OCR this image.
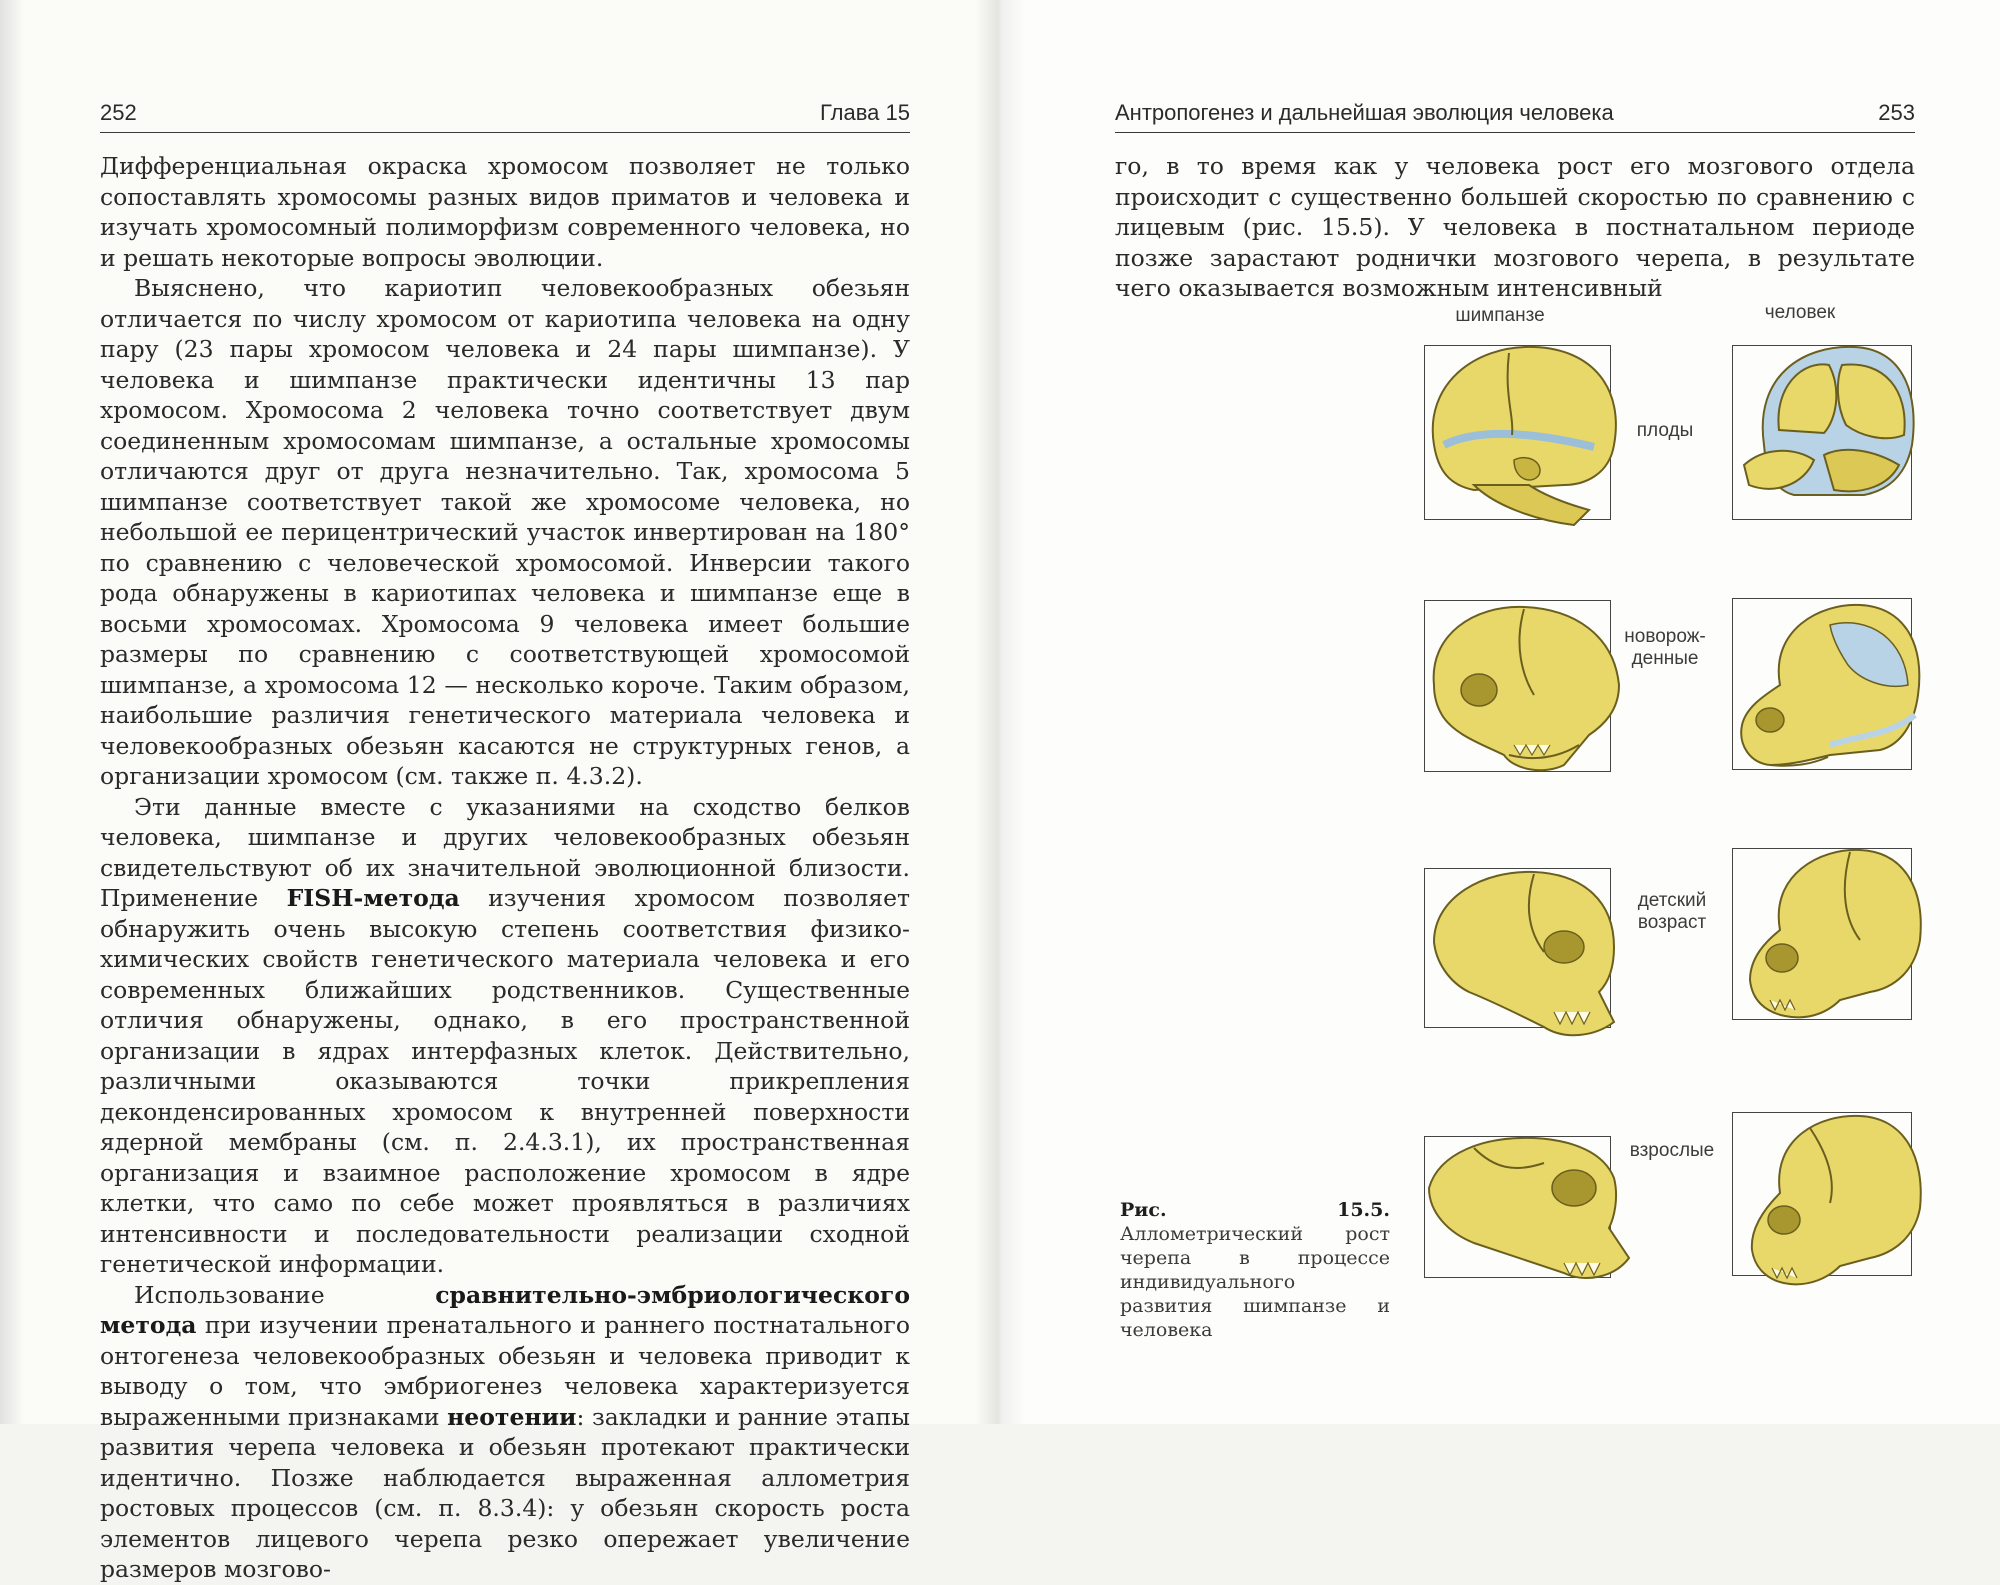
252	Глава 15	Антропогенез и дальнейшая эволюция человека	253

Дифференциальная окраска хромосом позволяет не только сопоставлять хромосомы разных видов приматов и человека и изучать хромосомный полиморфизм современного человека, но и решать некоторые вопросы эволюции.

Выяснено, что кариотип человекообразных обезьян отличается по числу хромосом от кариотипа человека на одну пару (23 пары хромосом человека и 24 пары шимпанзе). У человека и шимпанзе практически идентичны 13 пар хромосом. Хромосома 2 человека точно соответствует двум соединенным хромосомам шимпанзе, а остальные хромосомы отличаются друг от друга незначительно. Так, хромосома 5 шимпанзе соответствует такой же хромосоме человека, но небольшой ее перицентрический участок инвертирован на 180° по сравнению с человеческой хромосомой. Инверсии такого рода обнаружены в кариотипах человека и шимпанзе еще в восьми хромосомах. Хромосома 9 человека имеет большие размеры по сравнению с соответствующей хромосомой шимпанзе, а хромосома 12 — несколько короче. Таким образом, наибольшие различия генетического материала человека и человекообразных обезьян касаются не структурных генов, а организации хромосом (см. также п. 4.3.2).

Эти данные вместе с указаниями на сходство белков человека, шимпанзе и других человекообразных обезьян свидетельствуют об их значительной эволюционной близости. Применение FISH-метода изучения хромосом позволяет обнаружить очень высокую степень соответствия физико-химических свойств генетического материала человека и его современных ближайших родственников. Существенные отличия обнаружены, однако, в его пространственной организации в ядрах интерфазных клеток. Действительно, различными оказываются точки прикрепления деконденсированных хромосом к внутренней поверхности ядерной мембраны (см. п. 2.4.3.1), их пространственная организация и взаимное расположение хромосом в ядре клетки, что само по себе может проявляться в различиях интенсивности и последовательности реализации сходной генетической информации.

Использование сравнительно-эмбриологического метода при изучении пренатального и раннего постнатального онтогенеза человекообразных обезьян и человека приводит к выводу о том, что эмбриогенез человека характеризуется выраженными признаками неотении: закладки и ранние этапы развития черепа человека и обезьян протекают практически идентично. Позже наблюдается выраженная аллометрия ростовых процессов (см. п. 8.3.4): у обезьян скорость роста элементов лицевого черепа резко опережает увеличение размеров мозгово-

го, в то время как у человека рост его мозгового отдела происходит с существенно большей скоростью по сравнению с лицевым (рис. 15.5). У человека в постнатальном периоде позже зарастают роднички мозгового черепа, в результате чего оказывается возможным интенсивный

шимпанзе	человек
плоды
новорож-
денные
детский
возраст
взрослые
Рис. 15.5. Аллометрический рост черепа в процессе индивидуального развития шимпанзе и человека
